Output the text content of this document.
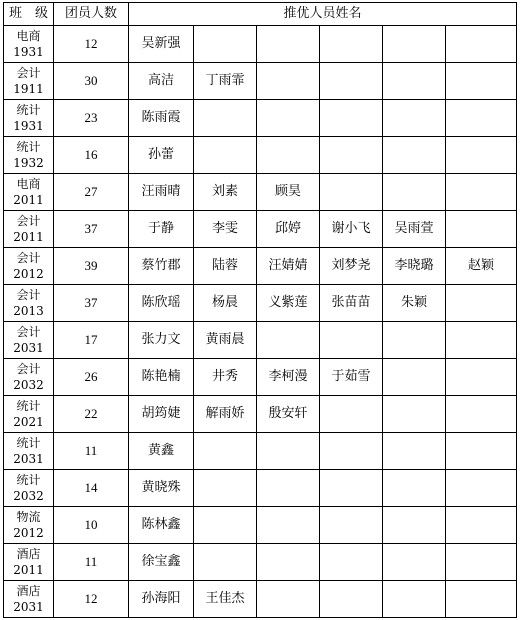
班　级	团员人数	推优人员姓名					

电商
1931	12	吴新强					

会计
1911	30	高洁	丁雨霏				

统计
1931	23	陈雨霞					

统计
1932	16	孙蕾					

电商
2011	27	汪雨晴	刘素	顾昊			

会计
2011	37	于静	李雯	邱婷	谢小飞	吴雨萱	

会计
2012	39	蔡竹郡	陆蓉	汪婧婧	刘梦尧	李晓璐	赵颖

会计
2013	37	陈欣瑶	杨晨	义紫莲	张苗苗	朱颖	

会计
2031	17	张力文	黄雨晨				

会计
2032	26	陈艳楠	井秀	李柯漫	于茹雪		

统计
2021	22	胡筠婕	解雨娇	殷安轩			

统计
2031	11	黄鑫					

统计
2032	14	黄晓殊					

物流
2012	10	陈林鑫					

酒店
2011	11	徐宝鑫					

酒店
2031	12	孙海阳	王佳杰				
